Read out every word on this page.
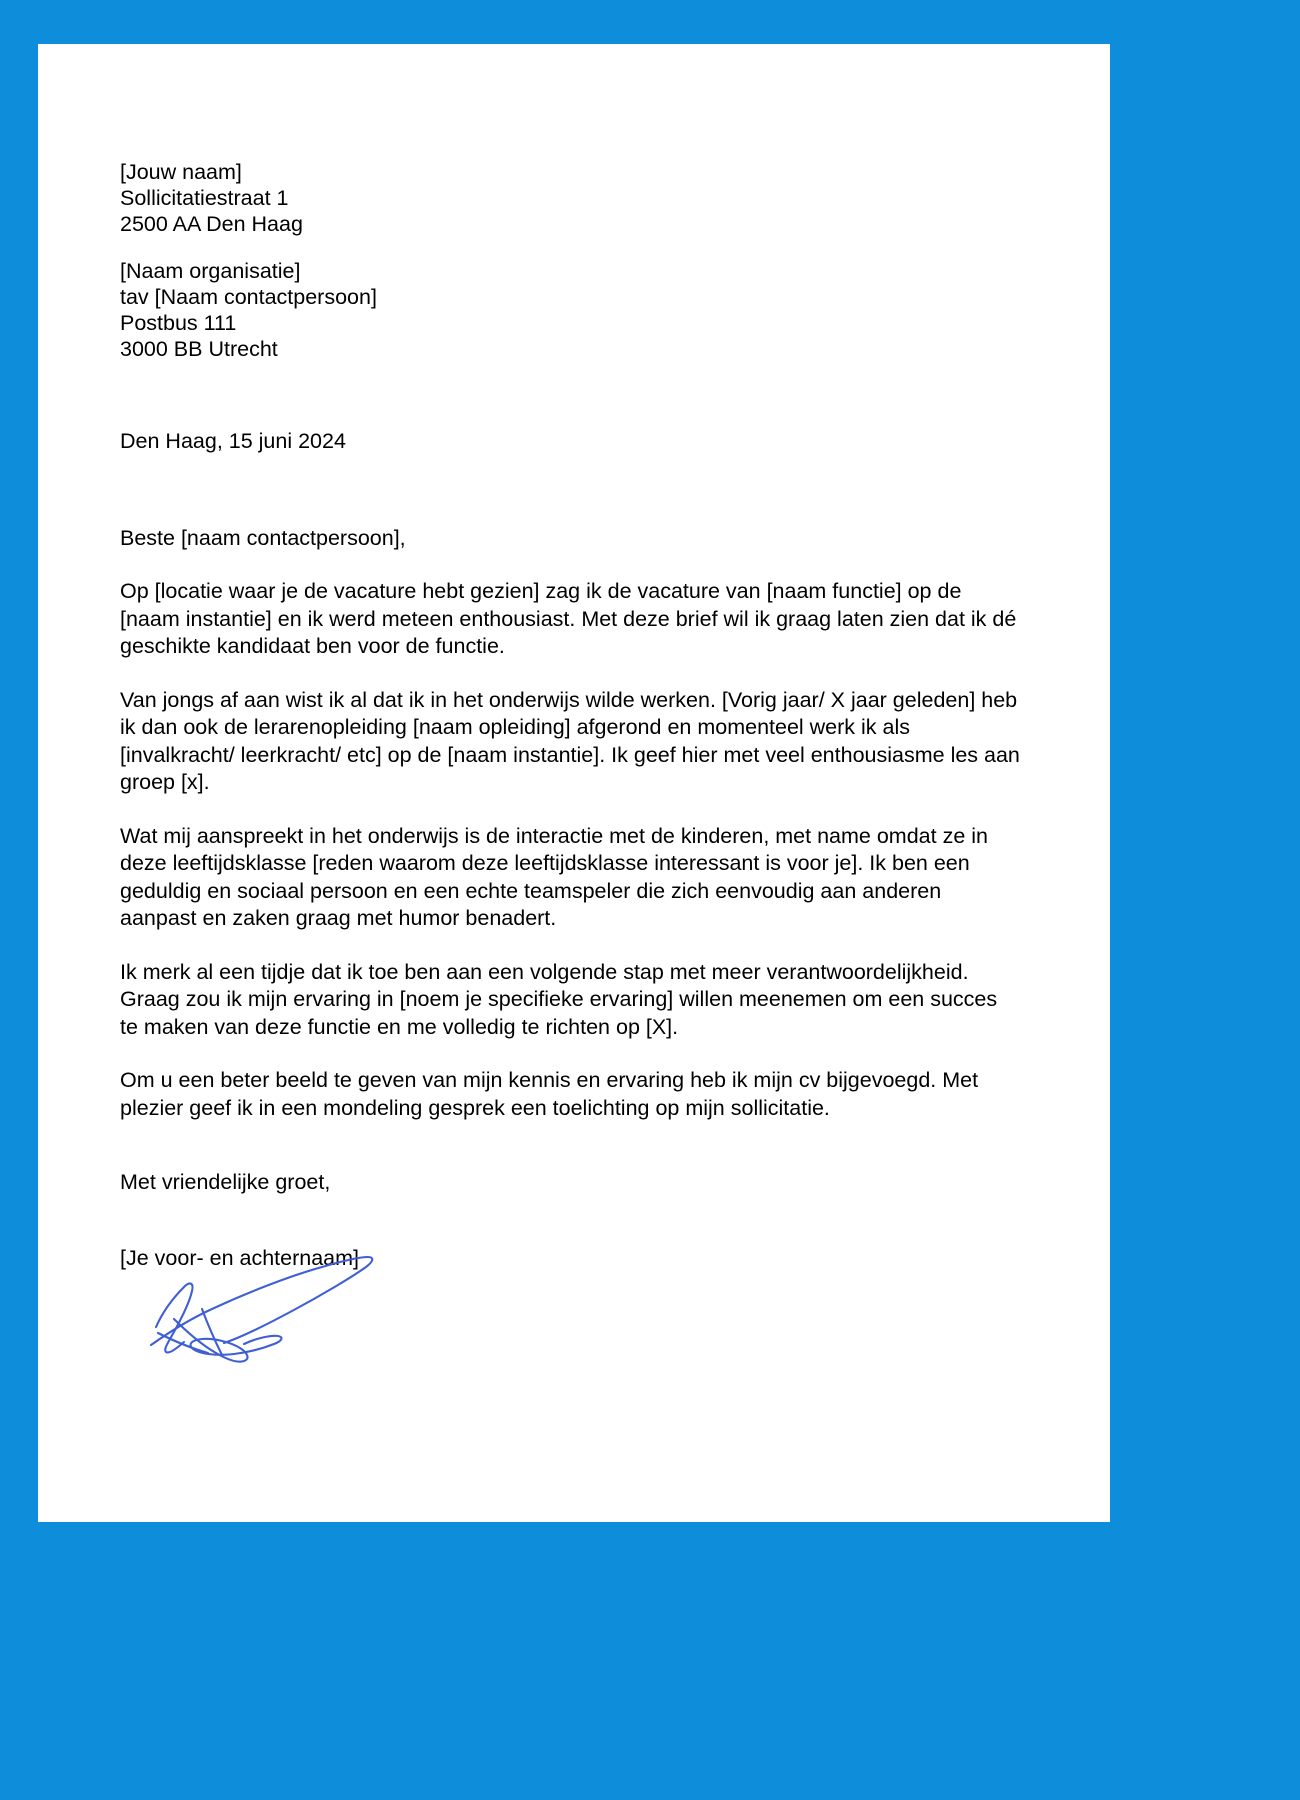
[Jouw naam]
Sollicitatiestraat 1
2500 AA Den Haag
[Naam organisatie]
tav [Naam contactpersoon]
Postbus 111
3000 BB Utrecht
Den Haag, 15 juni 2024
Beste [naam contactpersoon],

Op [locatie waar je de vacature hebt gezien] zag ik de vacature van [naam functie] op de [naam instantie] en ik werd meteen enthousiast. Met deze brief wil ik graag laten zien dat ik dé geschikte kandidaat ben voor de functie.

Van jongs af aan wist ik al dat ik in het onderwijs wilde werken. [Vorig jaar/ X jaar geleden] heb ik dan ook de lerarenopleiding [naam opleiding] afgerond en momenteel werk ik als [invalkracht/ leerkracht/ etc] op de [naam instantie]. Ik geef hier met veel enthousiasme les aan groep [x].

Wat mij aanspreekt in het onderwijs is de interactie met de kinderen, met name omdat ze in deze leeftijdsklasse [reden waarom deze leeftijdsklasse interessant is voor je]. Ik ben een geduldig en sociaal persoon en een echte teamspeler die zich eenvoudig aan anderen aanpast en zaken graag met humor benadert.

Ik merk al een tijdje dat ik toe ben aan een volgende stap met meer verantwoordelijkheid. Graag zou ik mijn ervaring in [noem je specifieke ervaring] willen meenemen om een succes te maken van deze functie en me volledig te richten op [X].

Om u een beter beeld te geven van mijn kennis en ervaring heb ik mijn cv bijgevoegd. Met plezier geef ik in een mondeling gesprek een toelichting op mijn sollicitatie.

Met vriendelijke groet,
[Je voor- en achternaam]
